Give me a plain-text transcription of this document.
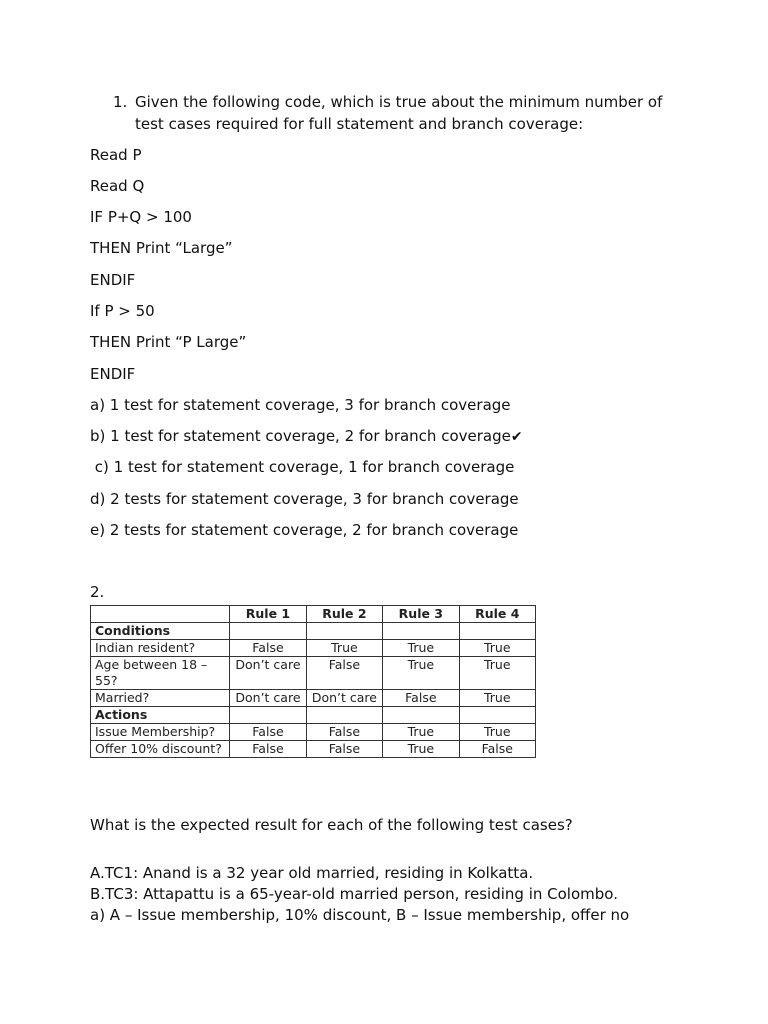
1. Given the following code, which is true about the minimum number of test cases required for full statement and branch coverage:
Read P
Read Q
IF P+Q > 100
THEN Print “Large”
ENDIF
If P > 50
THEN Print “P Large”
ENDIF
a) 1 test for statement coverage, 3 for branch coverage
b) 1 test for statement coverage, 2 for branch coverage✔
c) 1 test for statement coverage, 1 for branch coverage
d) 2 tests for statement coverage, 3 for branch coverage
e) 2 tests for statement coverage, 2 for branch coverage
2.
	Rule 1	Rule 2	Rule 3	Rule 4
Conditions				
Indian resident?	False	True	True	True
Age between 18 – 55?	Don’t care	False	True	True
Married?	Don’t care	Don’t care	False	True
Actions				
Issue Membership?	False	False	True	True
Offer 10% discount?	False	False	True	False
What is the expected result for each of the following test cases?
A.TC1: Anand is a 32 year old married, residing in Kolkatta.
B.TC3: Attapattu is a 65-year-old married person, residing in Colombo.
a) A – Issue membership, 10% discount, B – Issue membership, offer no
